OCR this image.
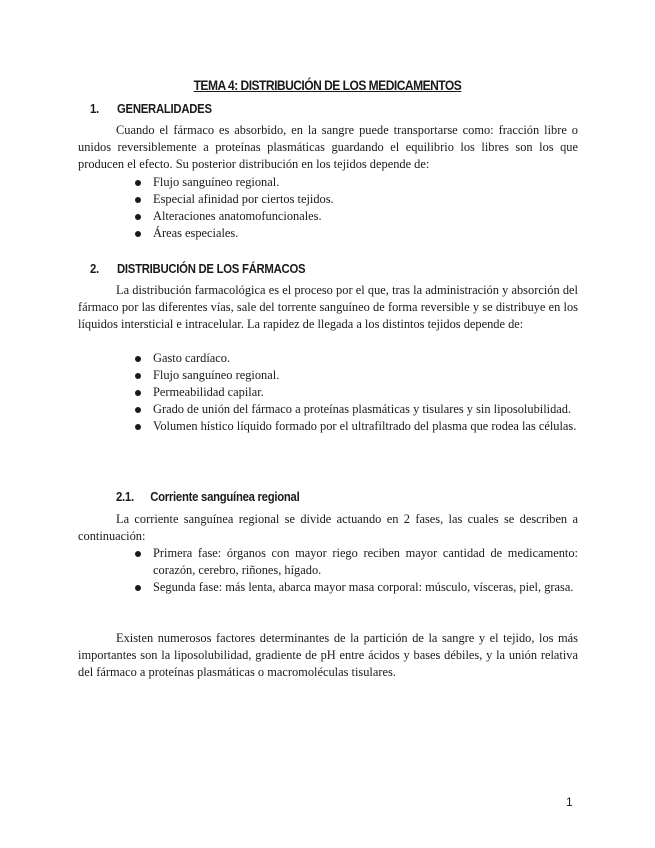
TEMA 4: DISTRIBUCIÓN DE LOS MEDICAMENTOS
1. GENERALIDADES

Cuando el fármaco es absorbido, en la sangre puede transportarse como: fracción libre o unidos reversiblemente a proteínas plasmáticas guardando el equilibrio los libres son los que producen el efecto. Su posterior distribución en los tejidos depende de:

Flujo sanguíneo regional.
Especial afinidad por ciertos tejidos.
Alteraciones anatomofuncionales.
Áreas especiales.
2. DISTRIBUCIÓN DE LOS FÁRMACOS

La distribución farmacológica es el proceso por el que, tras la administración y absorción del fármaco por las diferentes vías, sale del torrente sanguíneo de forma reversible y se distribuye en los líquidos intersticial e intracelular. La rapidez de llegada a los distintos tejidos depende de:

Gasto cardíaco.
Flujo sanguíneo regional.
Permeabilidad capilar.
Grado de unión del fármaco a proteínas plasmáticas y tisulares y sin liposolubilidad.
Volumen hístico líquido formado por el ultrafiltrado del plasma que rodea las células.
2.1. Corriente sanguínea regional

La corriente sanguínea regional se divide actuando en 2 fases, las cuales se describen a continuación:

Primera fase: órganos con mayor riego reciben mayor cantidad de medicamento: corazón, cerebro, riñones, hígado.
Segunda fase: más lenta, abarca mayor masa corporal: músculo, vísceras, piel, grasa.

Existen numerosos factores determinantes de la partición de la sangre y el tejido, los más importantes son la liposolubilidad, gradiente de pH entre ácidos y bases débiles, y la unión relativa del fármaco a proteínas plasmáticas o macromoléculas tisulares.

1
